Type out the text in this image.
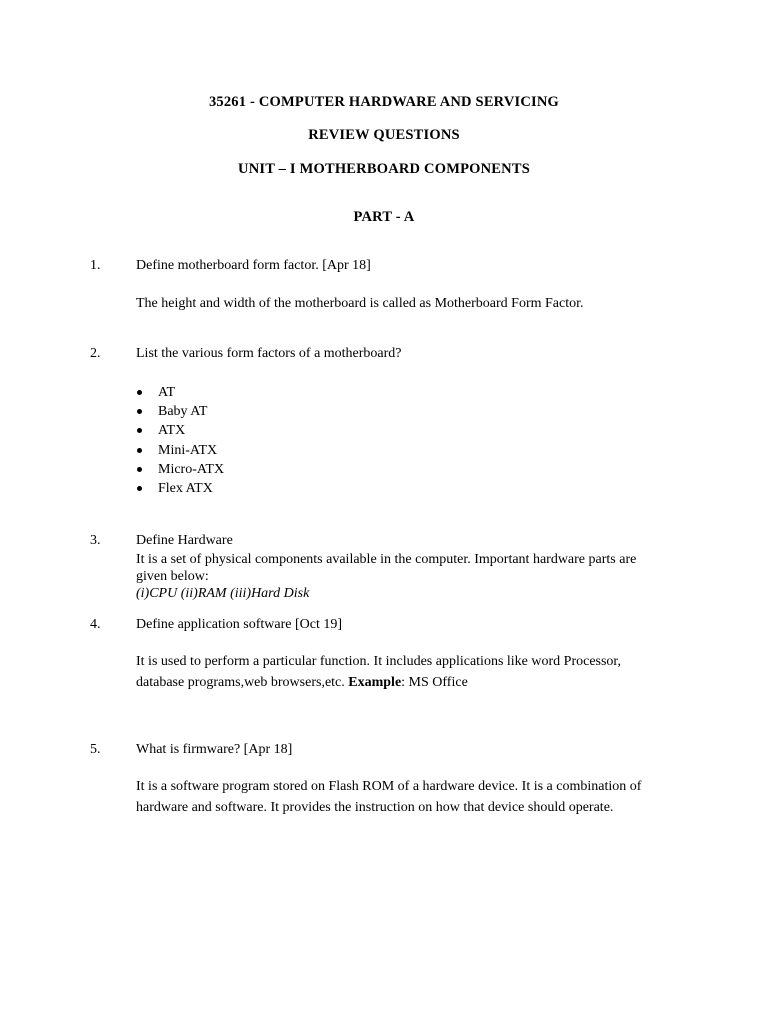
35261 - COMPUTER HARDWARE AND SERVICING
REVIEW QUESTIONS
UNIT – I MOTHERBOARD COMPONENTS
PART - A
1.	Define motherboard form factor. [Apr 18]
The height and width of the motherboard is called as Motherboard Form Factor.
2.	List the various form factors of a motherboard?
AT
Baby AT
ATX
Mini-ATX
Micro-ATX
Flex ATX
3.	Define Hardware
It is a set of physical components available in the computer. Important hardware parts are
given below:
(i)CPU (ii)RAM (iii)Hard Disk
4.	Define application software [Oct 19]
It is used to perform a particular function. It includes applications like word Processor,
database programs,web browsers,etc. Example: MS Office
5.	What is firmware? [Apr 18]
It is a software program stored on Flash ROM of a hardware device. It is a combination of
hardware and software. It provides the instruction on how that device should operate.
